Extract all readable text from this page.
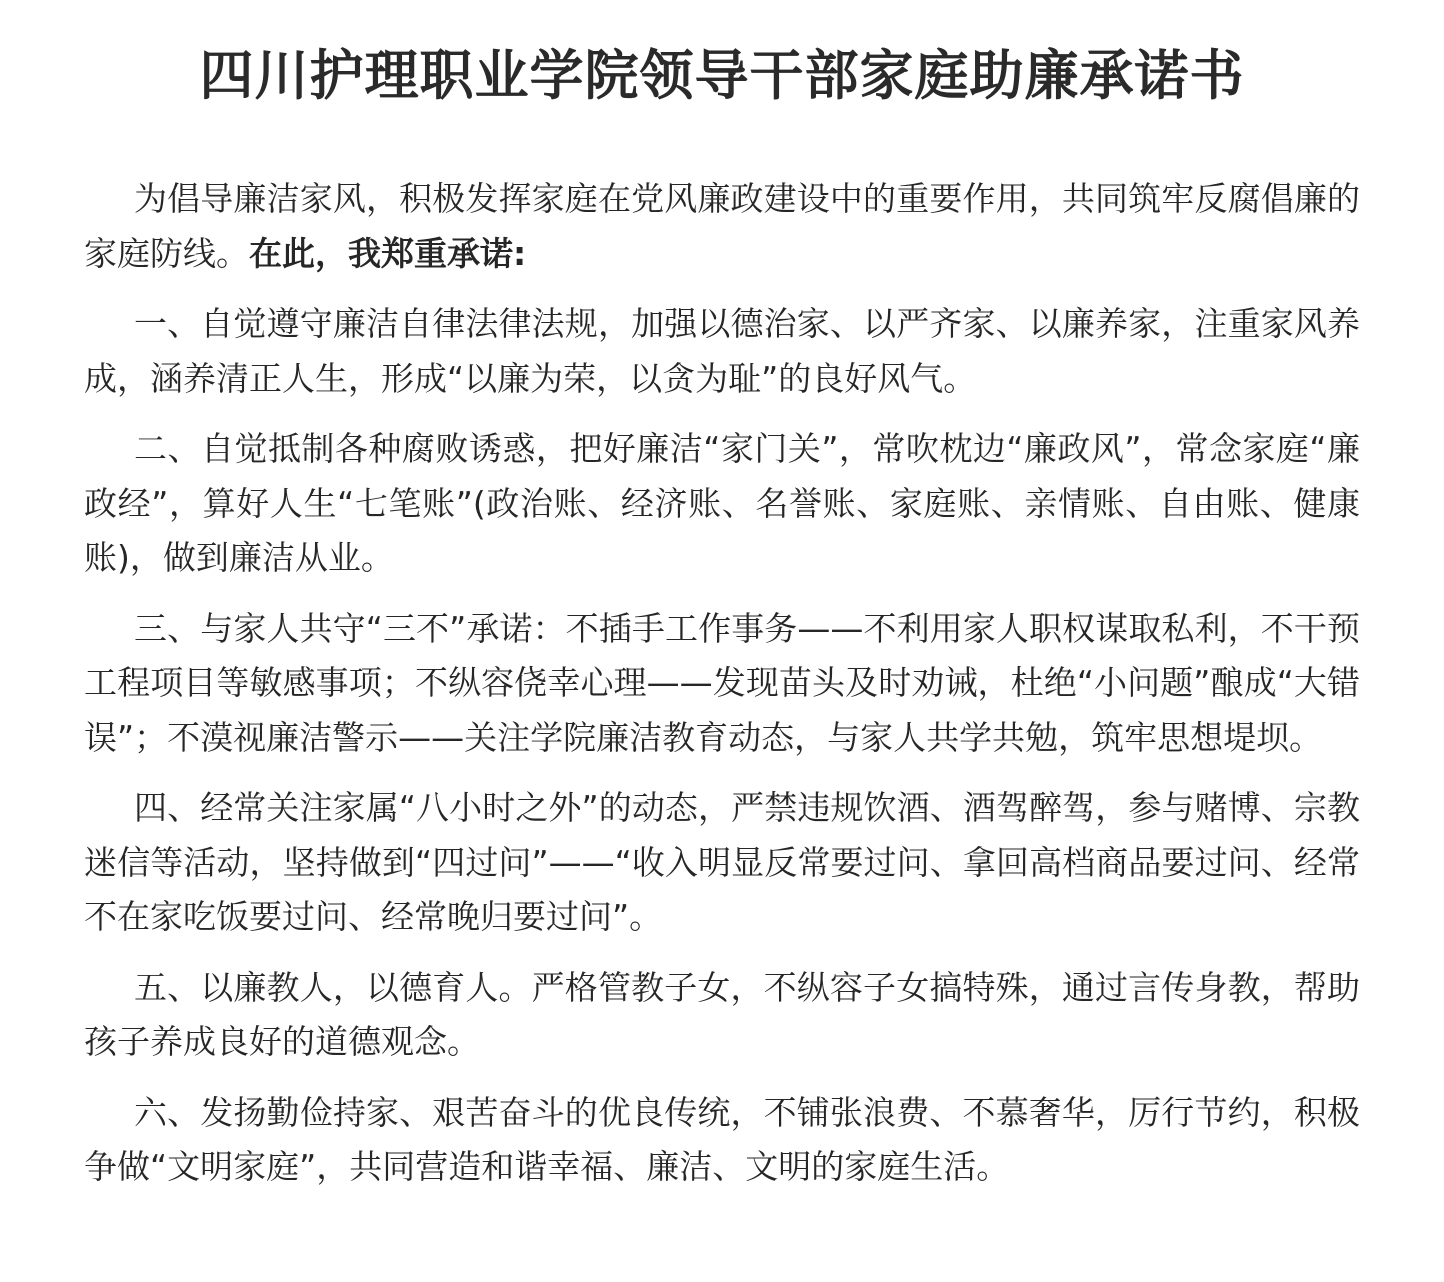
四川护理职业学院领导干部家庭助廉承诺书

为倡导廉洁家风，积极发挥家庭在党风廉政建设中的重要作用，共同筑牢反腐倡廉的家庭防线。在此，我郑重承诺:

一、自觉遵守廉洁自律法律法规，加强以德治家、以严齐家、以廉养家，注重家风养成，涵养清正人生，形成“以廉为荣，以贪为耻”的良好风气。

二、自觉抵制各种腐败诱惑，把好廉洁“家门关”，常吹枕边“廉政风”，常念家庭“廉政经”，算好人生“七笔账”(政治账、经济账、名誉账、家庭账、亲情账、自由账、健康账)，做到廉洁从业。

三、与家人共守“三不”承诺：不插手工作事务——不利用家人职权谋取私利，不干预工程项目等敏感事项；不纵容侥幸心理——发现苗头及时劝诫，杜绝“小问题”酿成“大错误”；不漠视廉洁警示——关注学院廉洁教育动态，与家人共学共勉，筑牢思想堤坝。

四、经常关注家属“八小时之外”的动态，严禁违规饮酒、酒驾醉驾，参与赌博、宗教迷信等活动，坚持做到“四过问”——“收入明显反常要过问、拿回高档商品要过问、经常不在家吃饭要过问、经常晚归要过问”。

五、以廉教人，以德育人。严格管教子女，不纵容子女搞特殊，通过言传身教，帮助孩子养成良好的道德观念。

六、发扬勤俭持家、艰苦奋斗的优良传统，不铺张浪费、不慕奢华，厉行节约，积极争做“文明家庭”，共同营造和谐幸福、廉洁、文明的家庭生活。
